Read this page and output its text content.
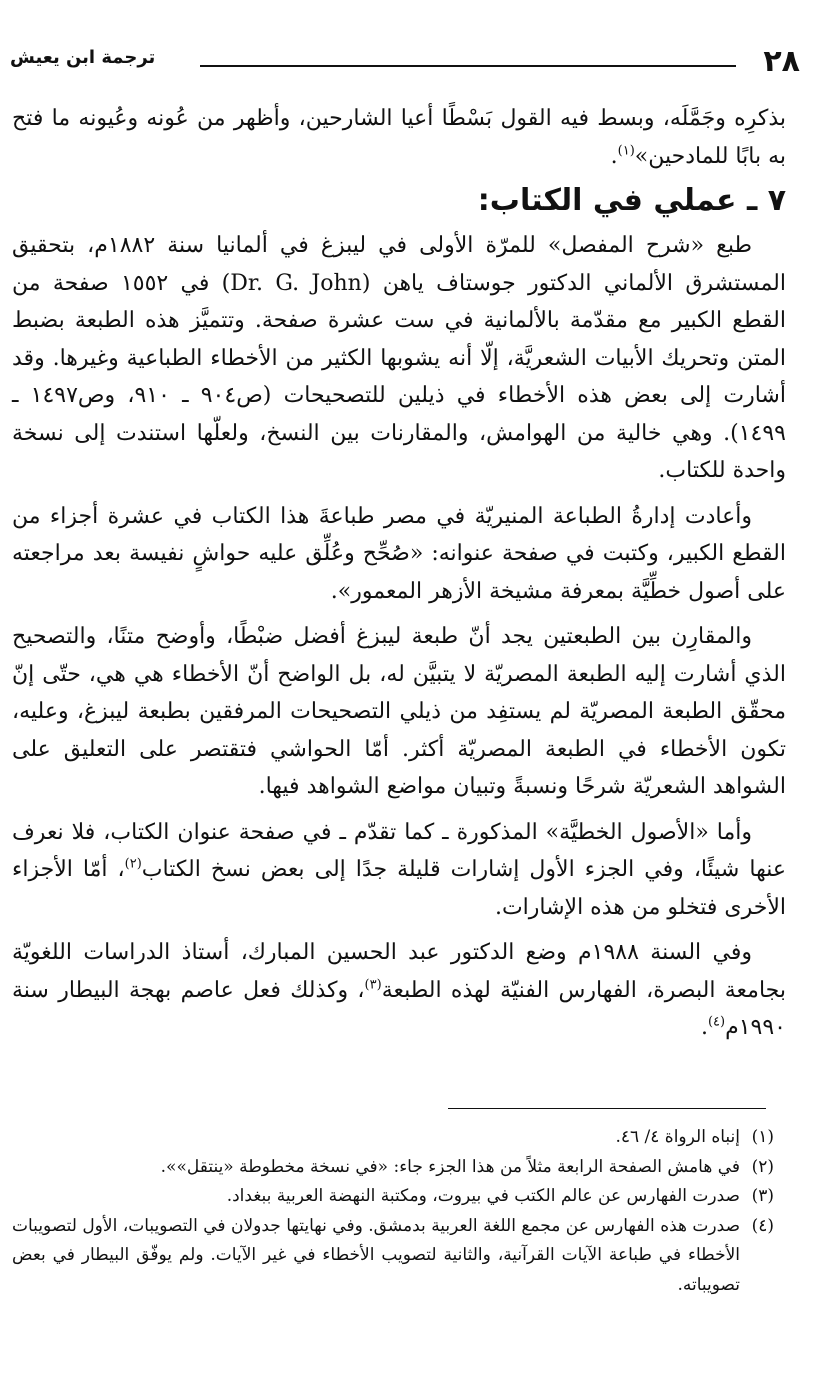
٢٨
ترجمة ابن يعيش

بذكرِه وجَمَّلَه، وبسط فيه القول بَسْطًا أعيا الشارحين، وأظهر من عُونه وعُيونه ما فتح به بابًا للمادحين»$^{(١)}$.

٧ ـ عملي في الكتاب:

طبع «شرح المفصل» للمرّة الأولى في ليبزغ في ألمانيا سنة ١٨٨٢م، بتحقيق المستشرق الألماني الدكتور جوستاف ياهن (Dr. G. John) في ١٥٥٢ صفحة من القطع الكبير مع مقدّمة بالألمانية في ست عشرة صفحة. وتتميَّز هذه الطبعة بضبط المتن وتحريك الأبيات الشعريَّة، إلّا أنه يشوبها الكثير من الأخطاء الطباعية وغيرها. وقد أشارت إلى بعض هذه الأخطاء في ذيلين للتصحيحات (ص٩٠٤ ـ ٩١٠، وص١٤٩٧ ـ ١٤٩٩). وهي خالية من الهوامش، والمقارنات بين النسخ، ولعلّها استندت إلى نسخة واحدة للكتاب.

وأعادت إدارةُ الطباعة المنيريّة في مصر طباعةَ هذا الكتاب في عشرة أجزاء من القطع الكبير، وكتبت في صفحة عنوانه: «صُحِّح وعُلِّق عليه حواشٍ نفيسة بعد مراجعته على أصول خطِّيَّة بمعرفة مشيخة الأزهر المعمور».

والمقارِن بين الطبعتين يجد أنّ طبعة ليبزغ أفضل ضبْطًا، وأوضح متنًا، والتصحيح الذي أشارت إليه الطبعة المصريّة لا يتبيَّن له، بل الواضح أنّ الأخطاء هي هي، حتّى إنّ محقّق الطبعة المصريّة لم يستفِد من ذيلي التصحيحات المرفقين بطبعة ليبزغ، وعليه، تكون الأخطاء في الطبعة المصريّة أكثر. أمّا الحواشي فتقتصر على التعليق على الشواهد الشعريّة شرحًا ونسبةً وتبيان مواضع الشواهد فيها.

وأما «الأصول الخطيَّة» المذكورة ـ كما تقدّم ـ في صفحة عنوان الكتاب، فلا نعرف عنها شيئًا، وفي الجزء الأول إشارات قليلة جدًا إلى بعض نسخ الكتاب$^{(٢)}$، أمّا الأجزاء الأخرى فتخلو من هذه الإشارات.

وفي السنة ١٩٨٨م وضع الدكتور عبد الحسين المبارك، أستاذ الدراسات اللغويّة بجامعة البصرة، الفهارس الفنيّة لهذه الطبعة$^{(٣)}$، وكذلك فعل عاصم بهجة البيطار سنة ١٩٩٠م$^{(٤)}$.

(١)
إنباه الرواة ٤/ ٤٦.
(٢)
في هامش الصفحة الرابعة مثلاً من هذا الجزء جاء: «في نسخة مخطوطة «ينتقل»».
(٣)
صدرت الفهارس عن عالم الكتب في بيروت، ومكتبة النهضة العربية ببغداد.
(٤)
صدرت هذه الفهارس عن مجمع اللغة العربية بدمشق. وفي نهايتها جدولان في التصويبات، الأول لتصويبات الأخطاء في طباعة الآيات القرآنية، والثانية لتصويب الأخطاء في غير الآيات. ولم يوفّق البيطار في بعض تصويباته.
